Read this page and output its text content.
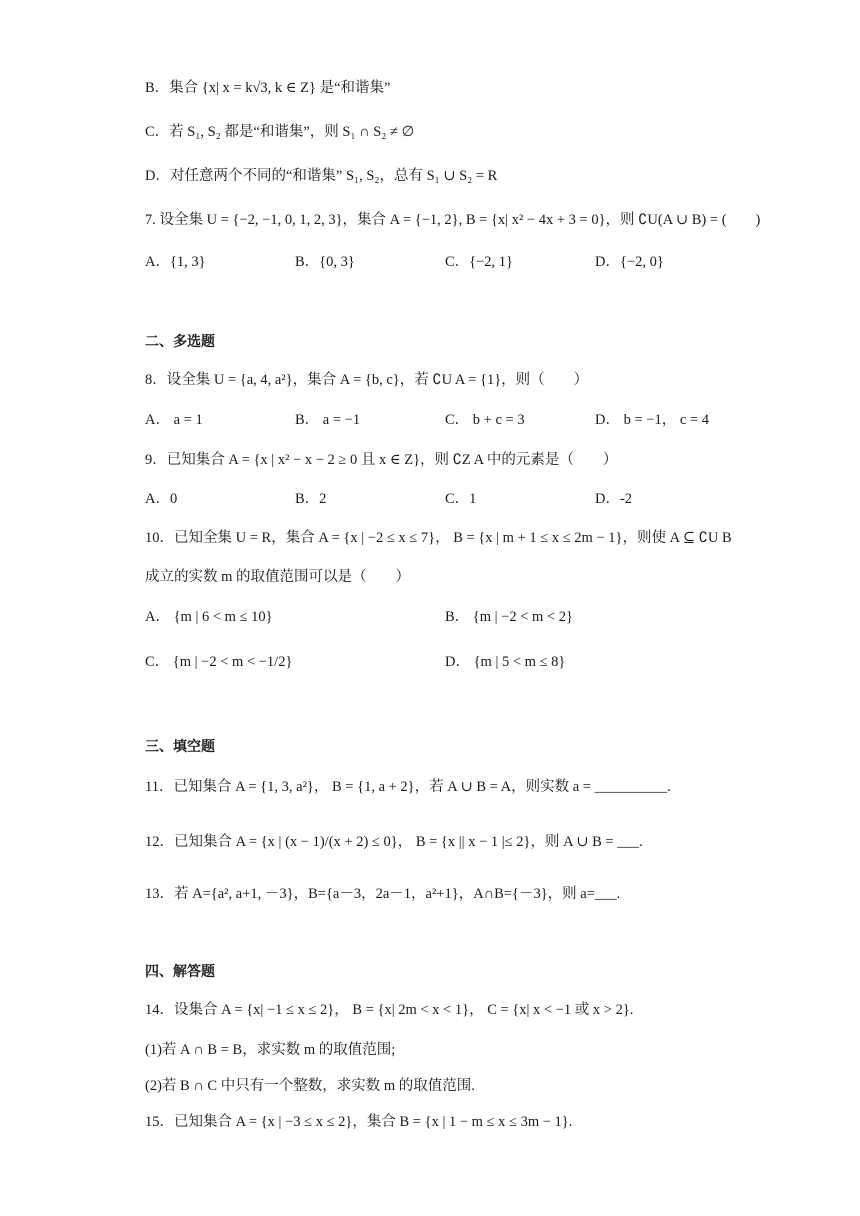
B．集合 {x| x = k√3, k ∈ Z} 是“和谐集”
C．若 S₁, S₂ 都是“和谐集”，则 S₁ ∩ S₂ ≠ ∅
D．对任意两个不同的“和谐集” S₁, S₂，总有 S₁ ∪ S₂ = R
7. 设全集 U = {−2, −1, 0, 1, 2, 3}，集合 A = {−1, 2}, B = {x| x² − 4x + 3 = 0}，则 ∁U(A ∪ B) = (　　)
A．{1, 3}	B．{0, 3}	C．{−2, 1}	D．{−2, 0}
二、多选题
8．设全集 U = {a, 4, a²}，集合 A = {b, c}，若 ∁U A = {1}，则（　　）
A． a = 1	B． a = −1	C． b + c = 3	D． b = −1， c = 4
9．已知集合 A = {x | x² − x − 2 ≥ 0 且 x ∈ Z}，则 ∁Z A 中的元素是（　　）
A．0	B．2	C．1	D．-2
10．已知全集 U = R，集合 A = {x | −2 ≤ x ≤ 7}， B = {x | m + 1 ≤ x ≤ 2m − 1}，则使 A ⊆ ∁U B
成立的实数 m 的取值范围可以是（　　）
A． {m | 6 < m ≤ 10}	B． {m | −2 < m < 2}
C． {m | −2 < m < −1/2}	D． {m | 5 < m ≤ 8}
三、填空题
11．已知集合 A = {1, 3, a²}， B = {1, a + 2}，若 A ∪ B = A，则实数 a = __________.
12．已知集合 A = {x | (x − 1)/(x + 2) ≤ 0}， B = {x || x − 1 |≤ 2}，则 A ∪ B = ___.
13．若 A={a², a+1, －3}，B={a－3，2a－1，a²+1}，A∩B={－3}，则 a=___.
四、解答题
14．设集合 A = {x| −1 ≤ x ≤ 2}， B = {x| 2m < x < 1}， C = {x| x < −1 或 x > 2}.
(1)若 A ∩ B = B，求实数 m 的取值范围;
(2)若 B ∩ C 中只有一个整数，求实数 m 的取值范围.
15．已知集合 A = {x | −3 ≤ x ≤ 2}，集合 B = {x | 1 − m ≤ x ≤ 3m − 1}.
